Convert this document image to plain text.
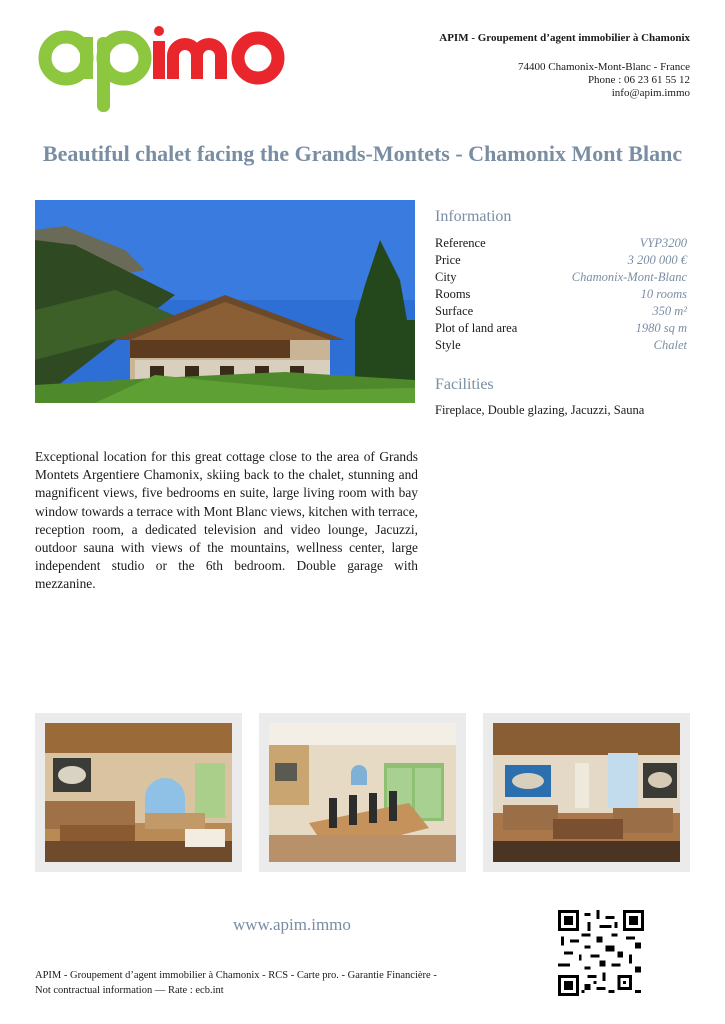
APIM - Groupement d’agent immobilier à Chamonix
74400 Chamonix-Mont-Blanc - France
Phone : 06 23 61 55 12
info@apim.immo
Beautiful chalet facing the Grands-Montets - Chamonix Mont Blanc
Information
Reference	VYP3200
Price	3 200 000 €
City	Chamonix-Mont-Blanc
Rooms	10 rooms
Surface	350 m²
Plot of land area	1980 sq m
Style	Chalet
Facilities
Fireplace, Double glazing, Jacuzzi, Sauna
Exceptional location for this great cottage close to the area of Grands Montets Argentiere Chamonix, skiing back to the chalet, stunning and magnificent views, five bedrooms en suite, large living room with bay window towards a terrace with Mont Blanc views, kitchen with terrace, reception room, a dedicated television and video lounge, Jacuzzi, outdoor sauna with views of the mountains, wellness center, large independent studio or the 6th bedroom. Double garage with mezzanine.
www.apim.immo
APIM - Groupement d’agent immobilier à Chamonix - RCS - Carte pro. - Garantie Financière -
Not contractual information — Rate : ecb.int
